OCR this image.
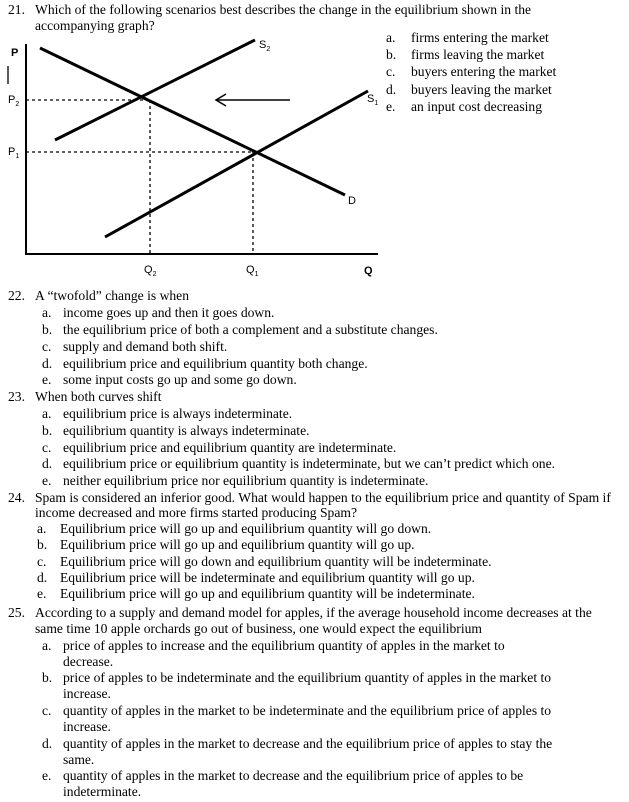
21. Which of the following scenarios best describes the change in the equilibrium shown in the
accompanying graph?
P
$P_2$
$P_1$
$Q_2$	$Q_1$	Q
$S_2$
$S_1$
D
a. firms entering the market
b. firms leaving the market
c. buyers entering the market
d. buyers leaving the market
e. an input cost decreasing
22. A “twofold” change is when
a. income goes up and then it goes down.
b. the equilibrium price of both a complement and a substitute changes.
c. supply and demand both shift.
d. equilibrium price and equilibrium quantity both change.
e. some input costs go up and some go down.
23. When both curves shift
a. equilibrium price is always indeterminate.
b. equilibrium quantity is always indeterminate.
c. equilibrium price and equilibrium quantity are indeterminate.
d. equilibrium price or equilibrium quantity is indeterminate, but we can’t predict which one.
e. neither equilibrium price nor equilibrium quantity is indeterminate.
24. Spam is considered an inferior good. What would happen to the equilibrium price and quantity of Spam if
income decreased and more firms started producing Spam?
a. Equilibrium price will go up and equilibrium quantity will go down.
b. Equilibrium price will go up and equilibrium quantity will go up.
c. Equilibrium price will go down and equilibrium quantity will be indeterminate.
d. Equilibrium price will be indeterminate and equilibrium quantity will go up.
e. Equilibrium price will go up and equilibrium quantity will be indeterminate.
25. According to a supply and demand model for apples, if the average household income decreases at the
same time 10 apple orchards go out of business, one would expect the equilibrium
a. price of apples to increase and the equilibrium quantity of apples in the market to
decrease.
b. price of apples to be indeterminate and the equilibrium quantity of apples in the market to
increase.
c. quantity of apples in the market to be indeterminate and the equilibrium price of apples to
increase.
d. quantity of apples in the market to decrease and the equilibrium price of apples to stay the
same.
e. quantity of apples in the market to decrease and the equilibrium price of apples to be
indeterminate.
